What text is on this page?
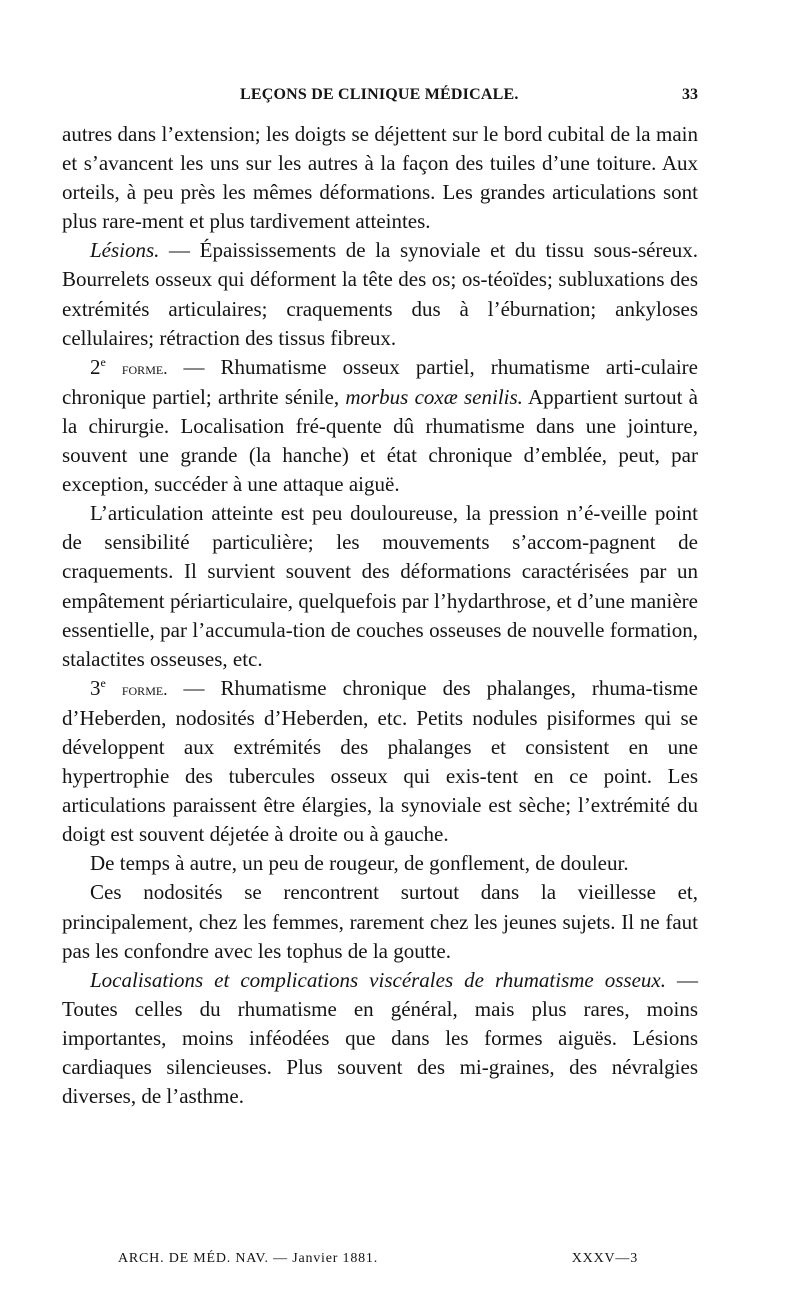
LEÇONS DE CLINIQUE MÉDICALE.	33

autres dans l’extension; les doigts se déjettent sur le bord cubital de la main et s’avancent les uns sur les autres à la façon des tuiles d’une toiture. Aux orteils, à peu près les mêmes déformations. Les grandes articulations sont plus rare-ment et plus tardivement atteintes.

Lésions. — Épaississements de la synoviale et du tissu sous-séreux. Bourrelets osseux qui déforment la tête des os; os-téoïdes; subluxations des extrémités articulaires; craquements dus à l’éburnation; ankyloses cellulaires; rétraction des tissus fibreux.

2e forme. — Rhumatisme osseux partiel, rhumatisme arti-culaire chronique partiel; arthrite sénile, morbus coxæ senilis. Appartient surtout à la chirurgie. Localisation fré-quente dû rhumatisme dans une jointure, souvent une grande (la hanche) et état chronique d’emblée, peut, par exception, succéder à une attaque aiguë.

L’articulation atteinte est peu douloureuse, la pression n’é-veille point de sensibilité particulière; les mouvements s’accom-pagnent de craquements. Il survient souvent des déformations caractérisées par un empâtement périarticulaire, quelquefois par l’hydarthrose, et d’une manière essentielle, par l’accumula-tion de couches osseuses de nouvelle formation, stalactites osseuses, etc.

3e forme. — Rhumatisme chronique des phalanges, rhuma-tisme d’Heberden, nodosités d’Heberden, etc. Petits nodules pisiformes qui se développent aux extrémités des phalanges et consistent en une hypertrophie des tubercules osseux qui exis-tent en ce point. Les articulations paraissent être élargies, la synoviale est sèche; l’extrémité du doigt est souvent déjetée à droite ou à gauche.

De temps à autre, un peu de rougeur, de gonflement, de douleur.

Ces nodosités se rencontrent surtout dans la vieillesse et, principalement, chez les femmes, rarement chez les jeunes sujets. Il ne faut pas les confondre avec les tophus de la goutte.

Localisations et complications viscérales de rhumatisme osseux. — Toutes celles du rhumatisme en général, mais plus rares, moins importantes, moins inféodées que dans les formes aiguës. Lésions cardiaques silencieuses. Plus souvent des mi-graines, des névralgies diverses, de l’asthme.

ARCH. DE MÉD. NAV. — Janvier 1881.	XXXV—3
